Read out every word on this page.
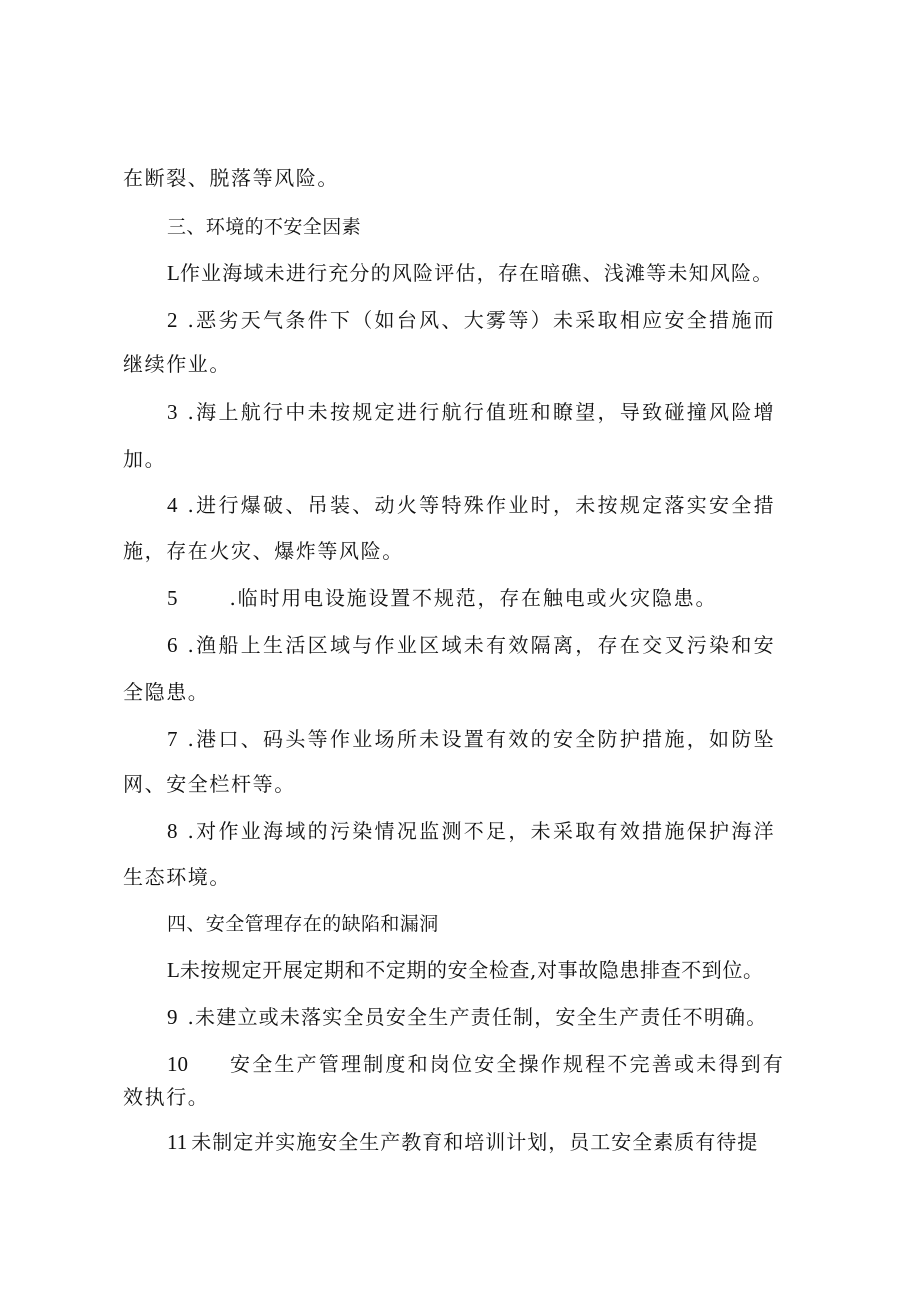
在断裂、脱落等风险。
三、环境的不安全因素
L作业海域未进行充分的风险评估，存在暗礁、浅滩等未知风险。
2 .恶劣天气条件下（如台风、大雾等）未采取相应安全措施而
继续作业。
3 .海上航行中未按规定进行航行值班和瞭望，导致碰撞风险增
加。
4 .进行爆破、吊装、动火等特殊作业时，未按规定落实安全措
施，存在火灾、爆炸等风险。
5	.临时用电设施设置不规范，存在触电或火灾隐患。
6 .渔船上生活区域与作业区域未有效隔离，存在交叉污染和安
全隐患。
7 .港口、码头等作业场所未设置有效的安全防护措施，如防坠
网、安全栏杆等。
8 .对作业海域的污染情况监测不足，未采取有效措施保护海洋
生态环境。
四、安全管理存在的缺陷和漏洞
L未按规定开展定期和不定期的安全检查,对事故隐患排查不到位。
9 .未建立或未落实全员安全生产责任制，安全生产责任不明确。
10 安全生产管理制度和岗位安全操作规程不完善或未得到有
效执行。
11 未制定并实施安全生产教育和培训计划，员工安全素质有待提
